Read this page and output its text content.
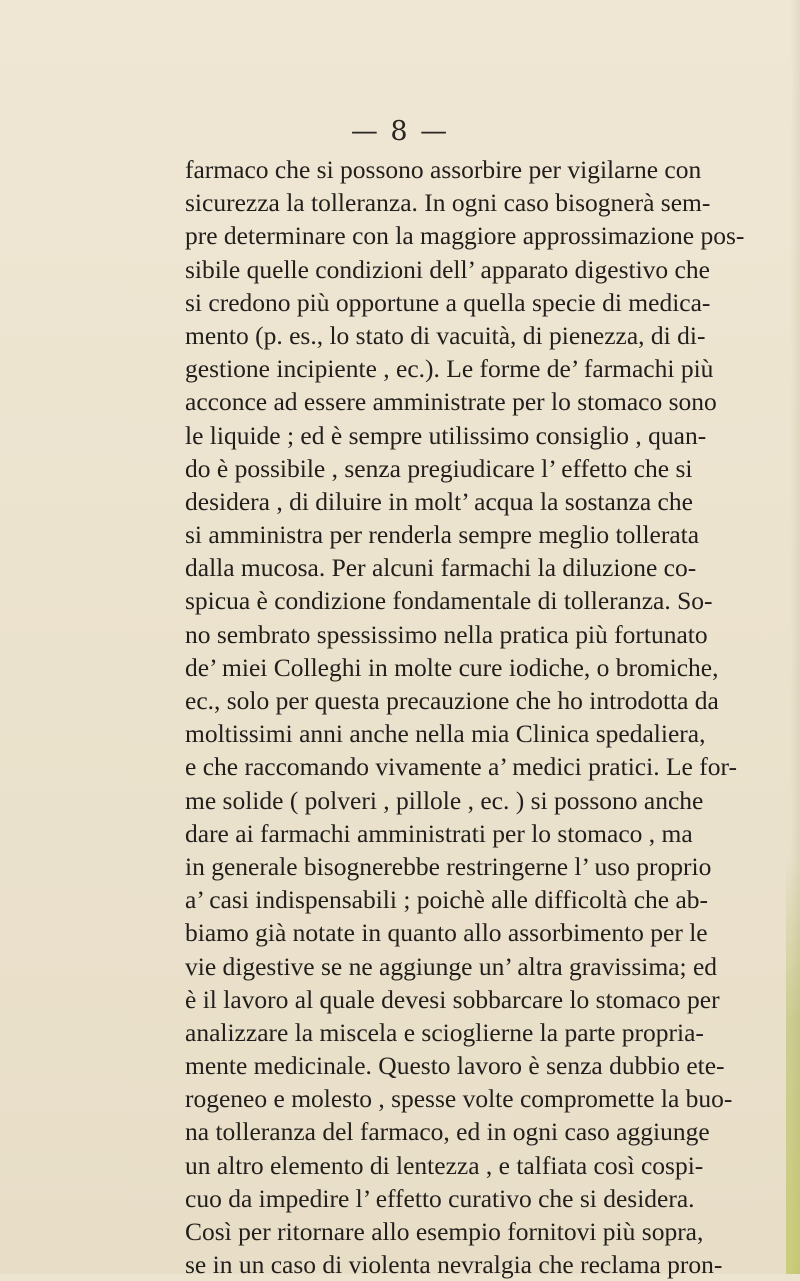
— 8 —
farmaco che si possono assorbire per vigilarne con
sicurezza la tolleranza. In ogni caso bisognerà sem-
pre determinare con la maggiore approssimazione pos-
sibile quelle condizioni dell’ apparato digestivo che
si credono più opportune a quella specie di medica-
mento (p. es., lo stato di vacuità, di pienezza, di di-
gestione incipiente , ec.). Le forme de’ farmachi più
acconce ad essere amministrate per lo stomaco sono
le liquide ; ed è sempre utilissimo consiglio , quan-
do è possibile , senza pregiudicare l’ effetto che si
desidera , di diluire in molt’ acqua la sostanza che
si amministra per renderla sempre meglio tollerata
dalla mucosa. Per alcuni farmachi la diluzione co-
spicua è condizione fondamentale di tolleranza. So-
no sembrato spessissimo nella pratica più fortunato
de’ miei Colleghi in molte cure iodiche, o bromiche,
ec., solo per questa precauzione che ho introdotta da
moltissimi anni anche nella mia Clinica spedaliera,
e che raccomando vivamente a’ medici pratici. Le for-
me solide ( polveri , pillole , ec. ) si possono anche
dare ai farmachi amministrati per lo stomaco , ma
in generale bisognerebbe restringerne l’ uso proprio
a’ casi indispensabili ; poichè alle difficoltà che ab-
biamo già notate in quanto allo assorbimento per le
vie digestive se ne aggiunge un’ altra gravissima; ed
è il lavoro al quale devesi sobbarcare lo stomaco per
analizzare la miscela e scioglierne la parte propria-
mente medicinale. Questo lavoro è senza dubbio ete-
rogeneo e molesto , spesse volte compromette la buo-
na tolleranza del farmaco, ed in ogni caso aggiunge
un altro elemento di lentezza , e talfiata così cospi-
cuo da impedire l’ effetto curativo che si desidera.
Così per ritornare allo esempio fornitovi più sopra,
se in un caso di violenta nevralgia che reclama pron-
